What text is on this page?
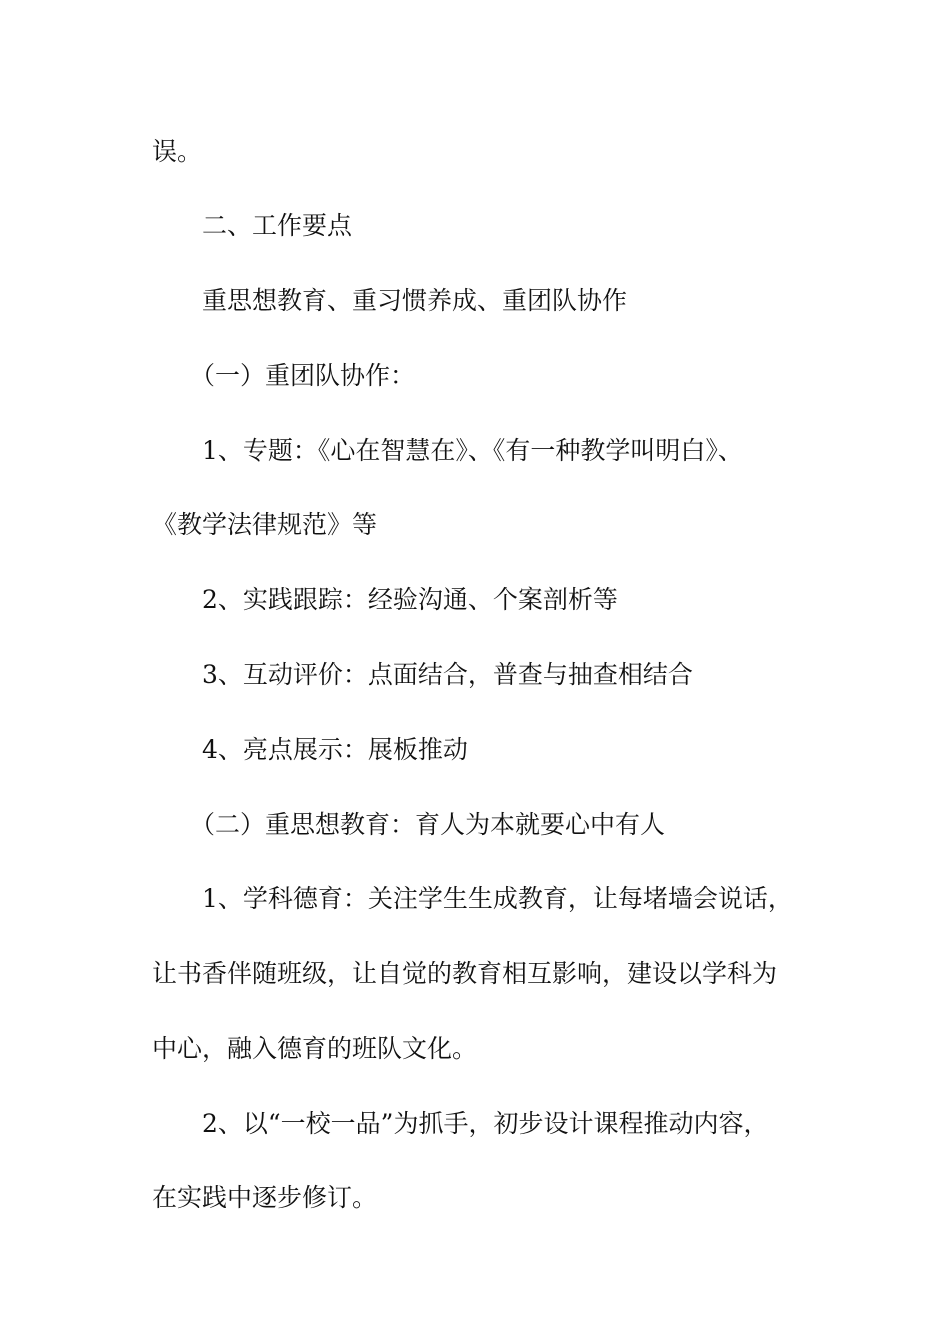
误。
二、工作要点
重思想教育、重习惯养成、重团队协作
（一）重团队协作：
1、专题：《心在智慧在》、《有一种教学叫明白》、
《教学法律规范》等
2、实践跟踪：经验沟通、个案剖析等
3、互动评价：点面结合，普查与抽查相结合
4、亮点展示：展板推动
（二）重思想教育：育人为本就要心中有人
1、学科德育：关注学生生成教育，让每堵墙会说话，
让书香伴随班级，让自觉的教育相互影响，建设以学科为
中心，融入德育的班队文化。
2、以“一校一品”为抓手，初步设计课程推动内容，
在实践中逐步修订。
